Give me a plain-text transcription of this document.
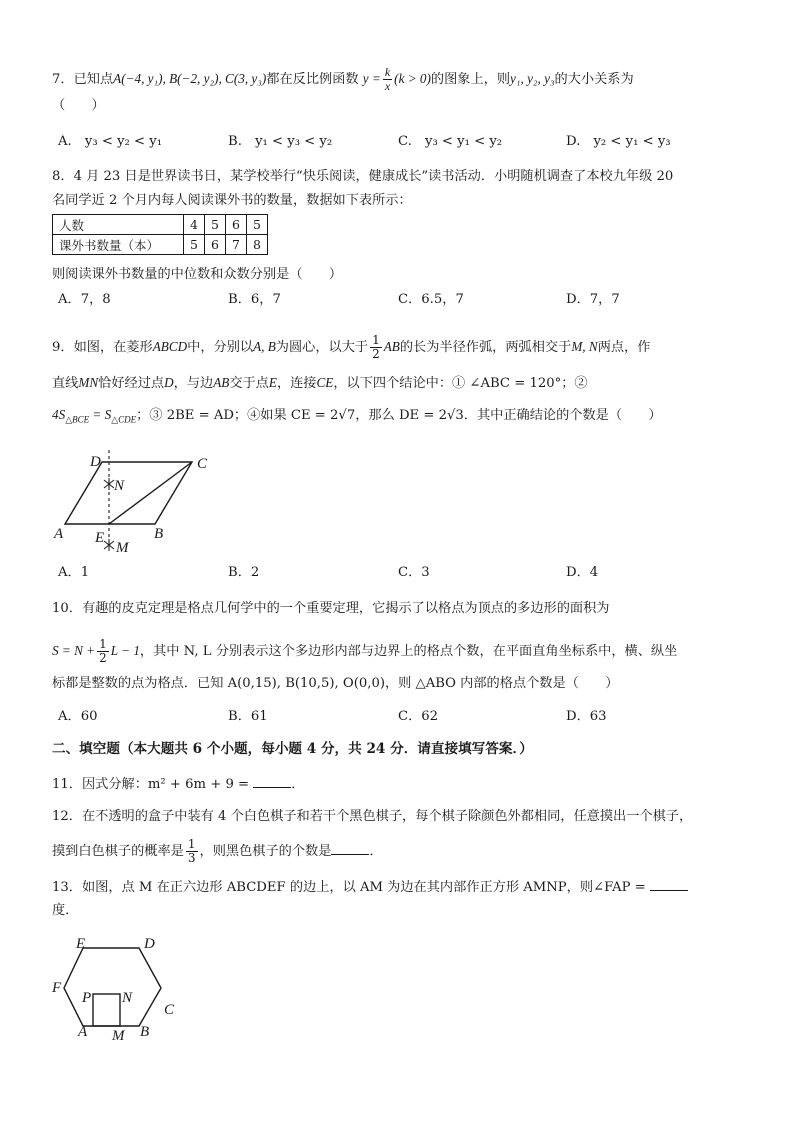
7．已知点A(−4, y₁), B(−2, y₂), C(3, y₃)都在反比例函数 $y = \frac{k}{x} (k > 0)$的图象上，则y₁, y₂, y₃的大小关系为
（　　）
A.　y₃ < y₂ < y₁	B.　y₁ < y₃ < y₂	C.　y₃ < y₁ < y₂	D.　y₂ < y₁ < y₃
8．4 月 23 日是世界读书日，某学校举行“快乐阅读，健康成长”读书活动．小明随机调查了本校九年级 20
名同学近 2 个月内每人阅读课外书的数量，数据如下表所示：
人数	4	5	6	5
课外书数量（本）	5	6	7	8
则阅读课外书数量的中位数和众数分别是（　　）
A．7，8	B．6，7	C．6.5，7	D．7，7
9．如图，在菱形ABCD中，分别以A, B为圆心，以大于 $\frac{1}{2}$ AB的长为半径作弧，两弧相交于M, N两点，作
直线MN恰好经过点D，与边AB交于点E，连接CE，以下四个结论中：① ∠ABC = 120°；②
$4S_{\triangle BCE} = S_{\triangle CDE}$；③ 2BE = AD；④如果 CE = 2√7，那么 DE = 2√3．其中正确结论的个数是（　　）
D	C
N
A E	B
M
A．1	B．2	C．3	D．4
10．有趣的皮克定理是格点几何学中的一个重要定理，它揭示了以格点为顶点的多边形的面积为
$S = N + \frac{1}{2}$ L − 1，其中 N, L 分别表示这个多边形内部与边界上的格点个数，在平面直角坐标系中，横、纵坐
标都是整数的点为格点．已知 A(0,15), B(10,5), O(0,0)，则 △ABO 内部的格点个数是（　　）
A．60	B．61	C．62	D．63
二、填空题（本大题共 6 个小题，每小题 4 分，共 24 分．请直接填写答案．）
11．因式分解：m² + 6m + 9 =	．
12．在不透明的盒子中装有 4 个白色棋子和若干个黑色棋子，每个棋子除颜色外都相同，任意摸出一个棋子，
摸到白色棋子的概率是 $\frac{1}{3}$ ，则黑色棋子的个数是	．
13．如图，点 M 在正六边形 ABCDEF 的边上，以 AM 为边在其内部作正方形 AMNP，则∠FAP =
度．
E	D
F
C
P N
A M B
